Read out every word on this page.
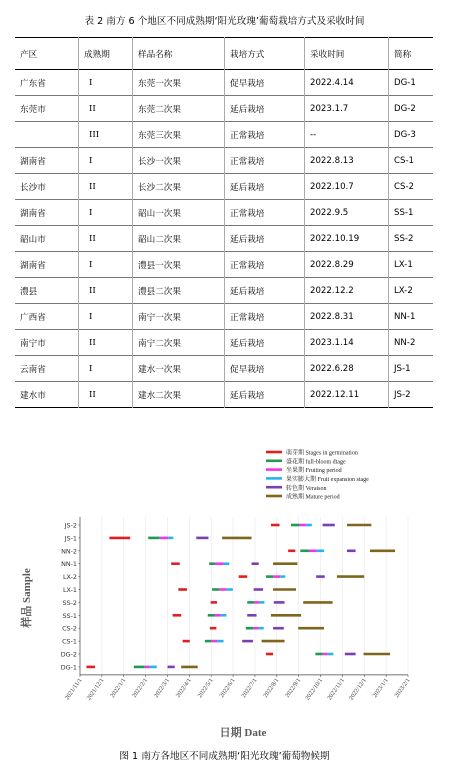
表 2 南方 6 个地区不同成熟期‘阳光玫瑰’葡萄栽培方式及采收时间
产区	成熟期	样品名称	栽培方式	采收时间	简称
广东省	I	东莞一次果	促早栽培	2022.4.14	DG-1
东莞市	II	东莞二次果	延后栽培	2023.1.7	DG-2
	III	东莞三次果	正常栽培	--	DG-3
湖南省	I	长沙一次果	正常栽培	2022.8.13	CS-1
长沙市	II	长沙二次果	延后栽培	2022.10.7	CS-2
湖南省	I	韶山一次果	正常栽培	2022.9.5	SS-1
韶山市	II	韶山二次果	延后栽培	2022.10.19	SS-2
湖南省	I	澧县一次果	正常栽培	2022.8.29	LX-1
澧县	II	澧县二次果	延后栽培	2022.12.2	LX-2
广西省	I	南宁一次果	正常栽培	2022.8.31	NN-1
南宁市	II	南宁二次果	延后栽培	2023.1.14	NN-2
云南省	I	建水一次果	促早栽培	2022.6.28	JS-1
建水市	II	建水二次果	延后栽培	2022.12.11	JS-2
萌芽期 Stages in germination
盛花期 full-bloom dtage
坐果期 Fruiting period
果实膨大期 Fruit expansion stage
转色期 Veraison
成熟期 Mature period
JS-2
JS-1
NN-2
NN-1
LX-2
LX-1
SS-2
SS-1
CS-2
CS-1
DG-2
DG-1
2021/11/1 2021/12/1 2022/1/1 2022/2/1 2022/3/1 2022/4/1 2022/5/1 2022/6/1 2022/7/1 2022/8/1 2022/9/1 2022/10/1 2022/11/1 2022/12/1 2023/1/1 2023/2/1
样品 Sample
日期 Date
图 1 南方各地区不同成熟期‘阳光玫瑰’葡萄物候期
